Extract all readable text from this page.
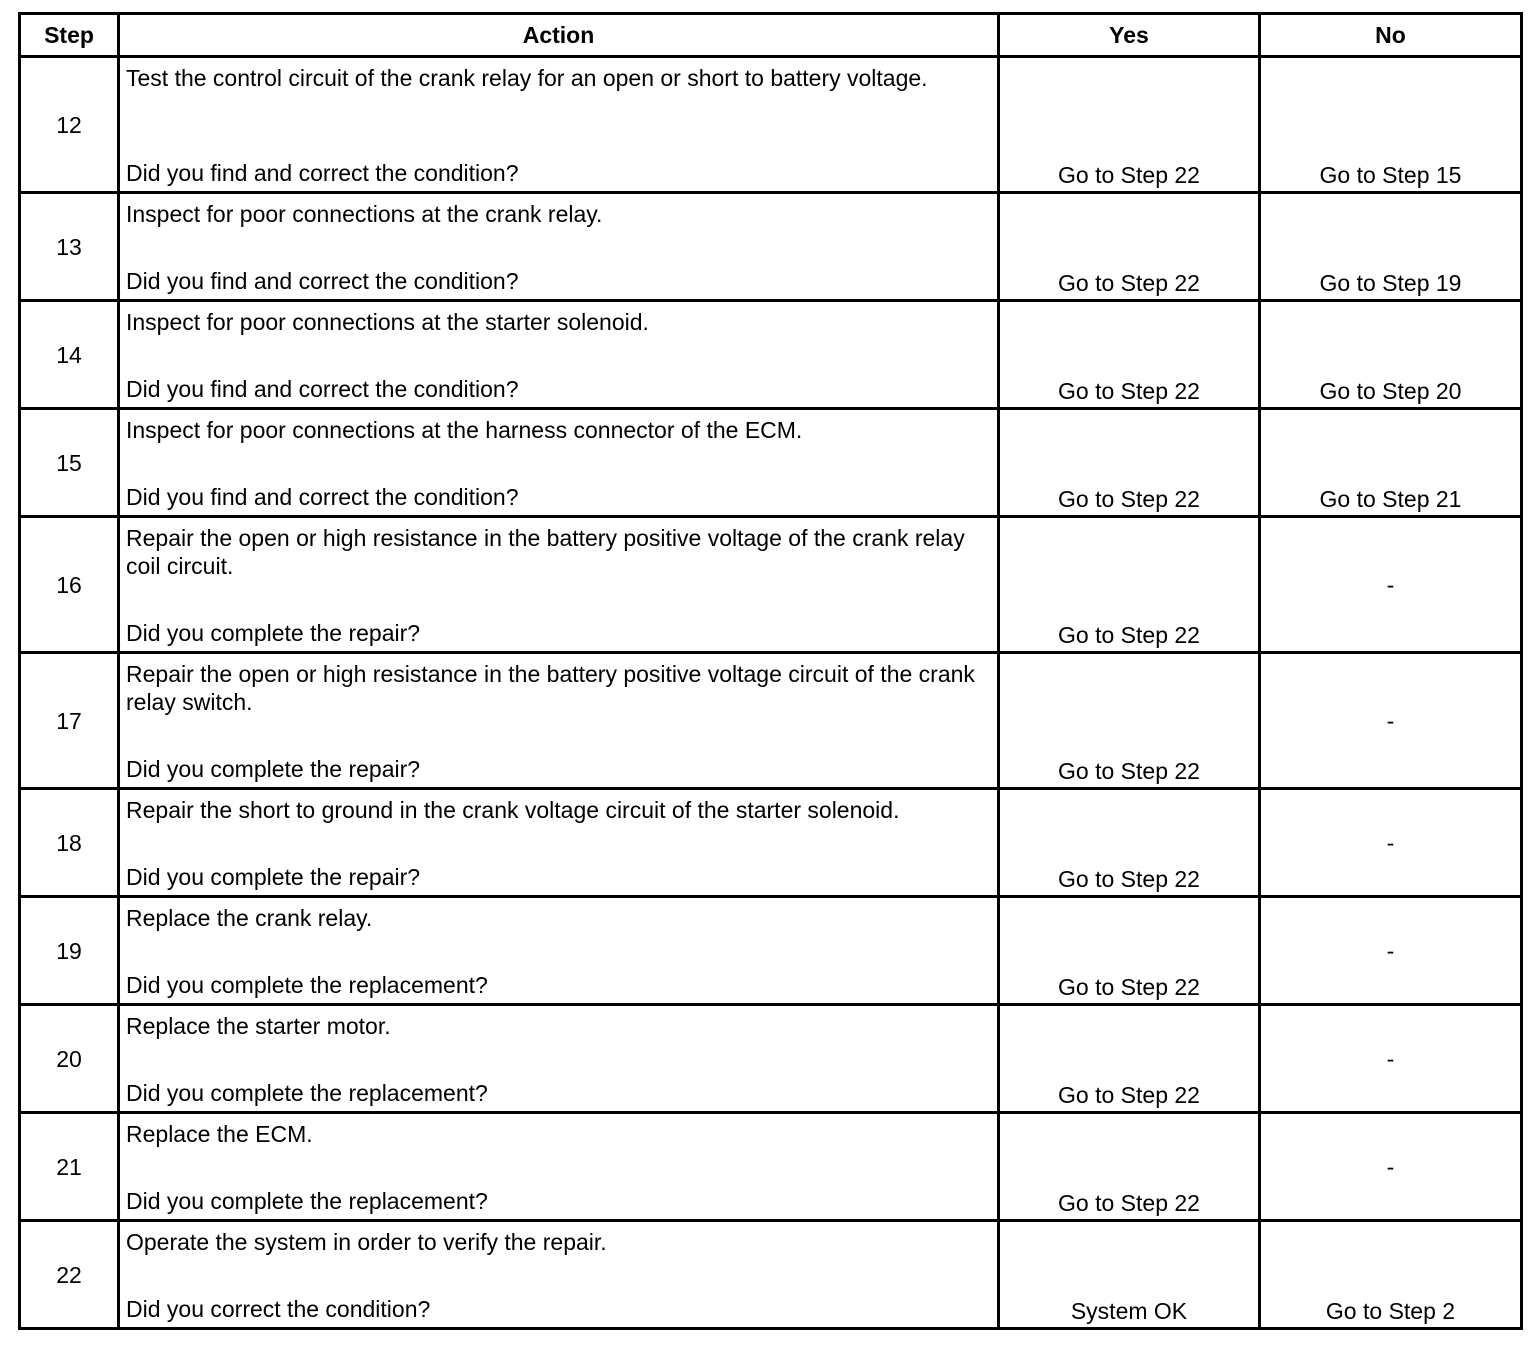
Step	Action	Yes	No
12	Test the control circuit of the crank relay for an open or short to battery voltage.
Did you find and correct the condition?	Go to Step 22	Go to Step 15
13	Inspect for poor connections at the crank relay.
Did you find and correct the condition?	Go to Step 22	Go to Step 19
14	Inspect for poor connections at the starter solenoid.
Did you find and correct the condition?	Go to Step 22	Go to Step 20
15	Inspect for poor connections at the harness connector of the ECM.
Did you find and correct the condition?	Go to Step 22	Go to Step 21
16	Repair the open or high resistance in the battery positive voltage of the crank relay coil circuit.
Did you complete the repair?	Go to Step 22	-
17	Repair the open or high resistance in the battery positive voltage circuit of the crank relay switch.
Did you complete the repair?	Go to Step 22	-
18	Repair the short to ground in the crank voltage circuit of the starter solenoid.
Did you complete the repair?	Go to Step 22	-
19	Replace the crank relay.
Did you complete the replacement?	Go to Step 22	-
20	Replace the starter motor.
Did you complete the replacement?	Go to Step 22	-
21	Replace the ECM.
Did you complete the replacement?	Go to Step 22	-
22	Operate the system in order to verify the repair.
Did you correct the condition?	System OK	Go to Step 2
